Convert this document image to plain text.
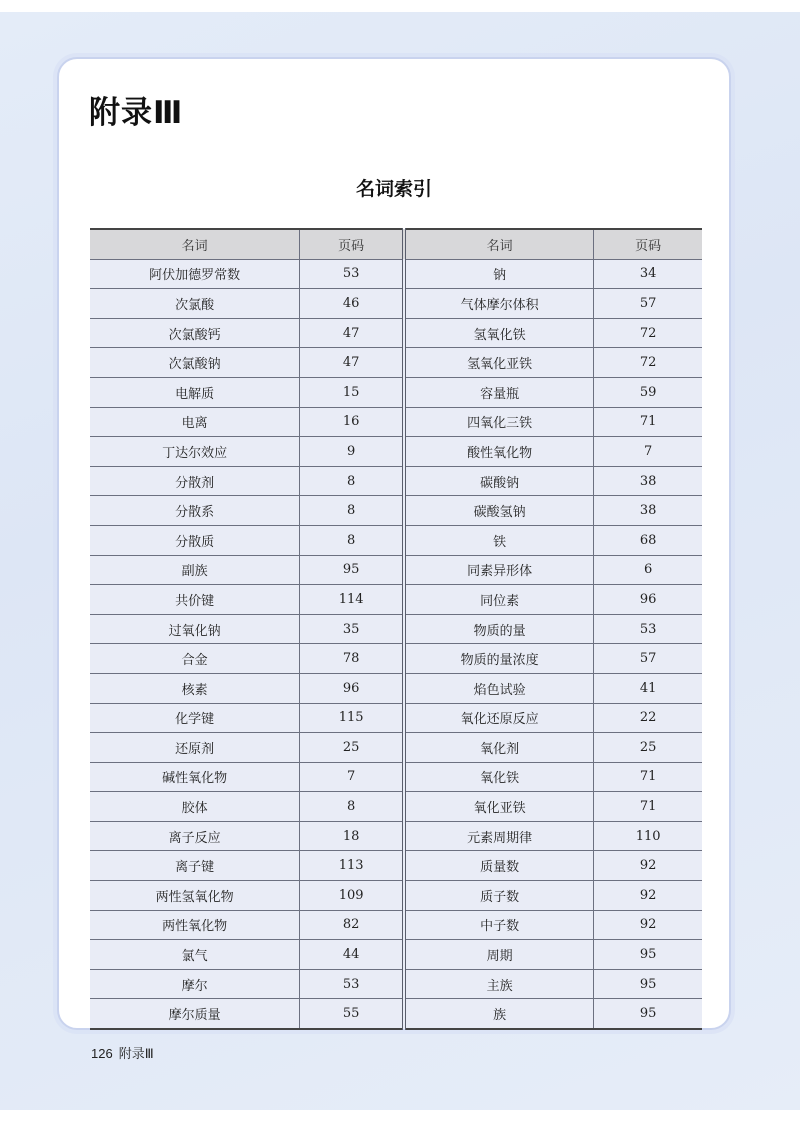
附录Ⅲ
名词索引
名词	页码	名词	页码
阿伏加德罗常数	53	钠	34
次氯酸	46	气体摩尔体积	57
次氯酸钙	47	氢氧化铁	72
次氯酸钠	47	氢氧化亚铁	72
电解质	15	容量瓶	59
电离	16	四氧化三铁	71
丁达尔效应	9	酸性氧化物	7
分散剂	8	碳酸钠	38
分散系	8	碳酸氢钠	38
分散质	8	铁	68
副族	95	同素异形体	6
共价键	114	同位素	96
过氧化钠	35	物质的量	53
合金	78	物质的量浓度	57
核素	96	焰色试验	41
化学键	115	氧化还原反应	22
还原剂	25	氧化剂	25
碱性氧化物	7	氧化铁	71
胶体	8	氧化亚铁	71
离子反应	18	元素周期律	110
离子键	113	质量数	92
两性氢氧化物	109	质子数	92
两性氧化物	82	中子数	92
氯气	44	周期	95
摩尔	53	主族	95
摩尔质量	55	族	95
126 附录Ⅲ
